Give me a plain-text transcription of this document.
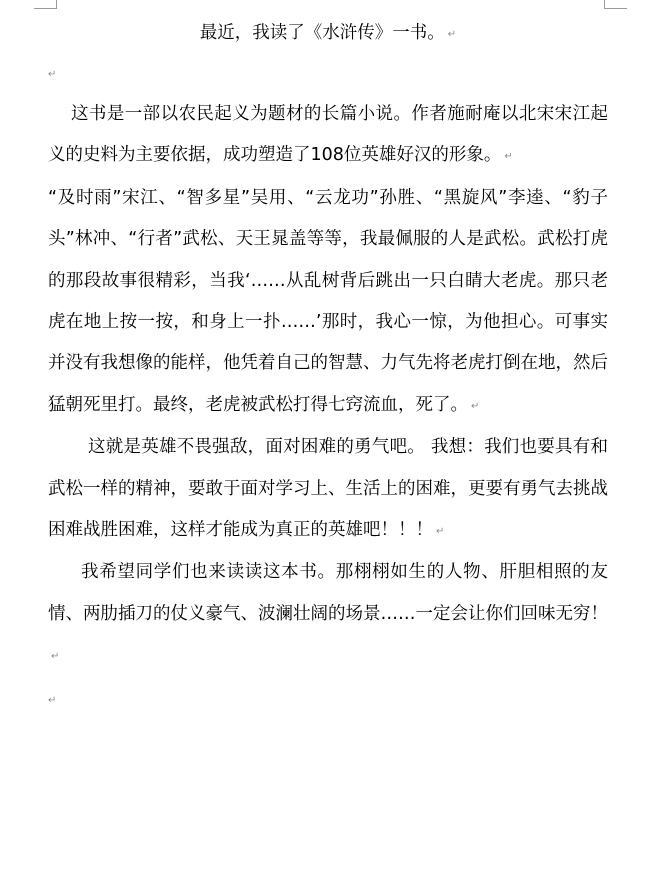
最近，我读了《水浒传》一书。 ↵
↵

这书是一部以农民起义为题材的长篇小说。作者施耐庵以北宋宋江起义的史料为主要依据，成功塑造了108位英雄好汉的形象。 ↵

“及时雨”宋江、“智多星”吴用、“云龙功”孙胜、“黑旋风”李逵、“豹子头”林冲、“行者”武松、天王晁盖等等，我最佩服的人是武松。武松打虎的那段故事很精彩，当我‘……从乱树背后跳出一只白睛大老虎。那只老虎在地上按一按，和身上一扑……’那时，我心一惊，为他担心。可事实并没有我想像的能样，他凭着自己的智慧、力气先将老虎打倒在地，然后猛朝死里打。最终，老虎被武松打得七窍流血，死了。 ↵

这就是英雄不畏强敌，面对困难的勇气吧。 我想：我们也要具有和武松一样的精神，要敢于面对学习上、生活上的困难，更要有勇气去挑战困难战胜困难，这样才能成为真正的英雄吧！！！ ↵

我希望同学们也来读读这本书。那栩栩如生的人物、肝胆相照的友情、两肋插刀的仗义豪气、波澜壮阔的场景……一定会让你们回味无穷！↵

↵
